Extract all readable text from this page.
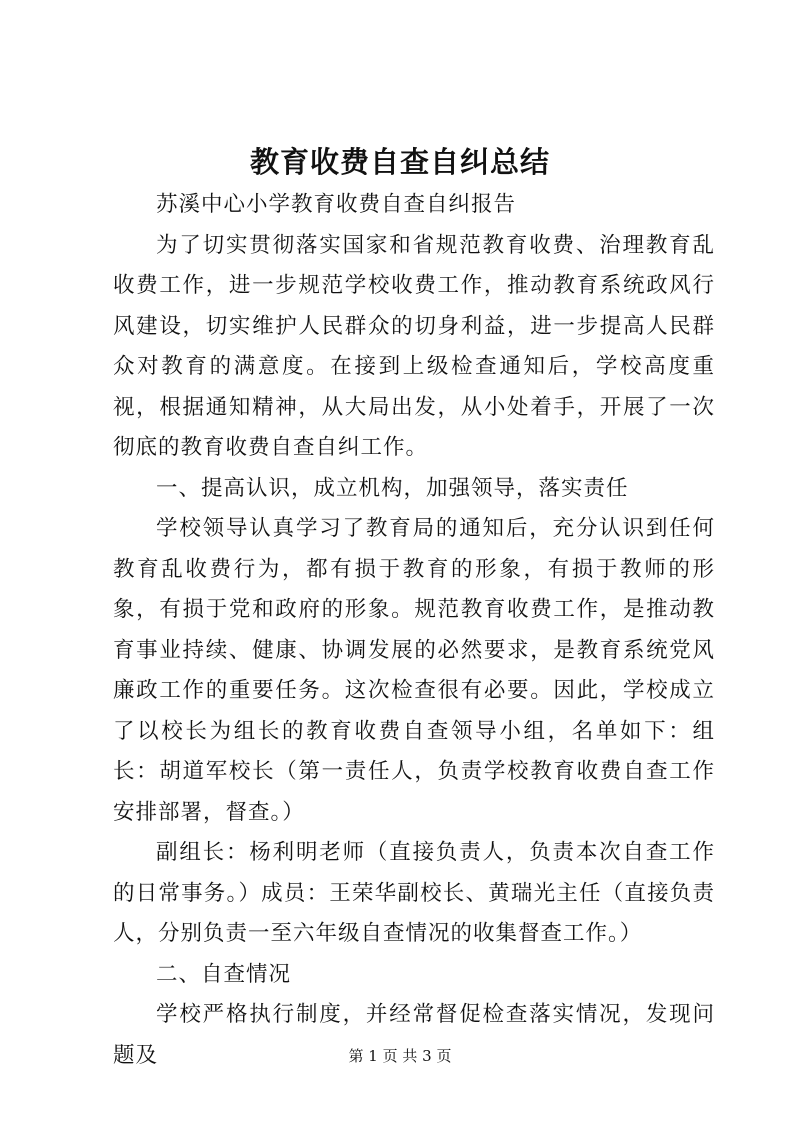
教育收费自查自纠总结

苏溪中心小学教育收费自查自纠报告

为了切实贯彻落实国家和省规范教育收费、治理教育乱收费工作，进一步规范学校收费工作，推动教育系统政风行风建设，切实维护人民群众的切身利益，进一步提高人民群众对教育的满意度。在接到上级检查通知后，学校高度重视，根据通知精神，从大局出发，从小处着手，开展了一次彻底的教育收费自查自纠工作。

一、提高认识，成立机构，加强领导，落实责任

学校领导认真学习了教育局的通知后，充分认识到任何教育乱收费行为，都有损于教育的形象，有损于教师的形象，有损于党和政府的形象。规范教育收费工作，是推动教育事业持续、健康、协调发展的必然要求，是教育系统党风廉政工作的重要任务。这次检查很有必要。因此，学校成立了以校长为组长的教育收费自查领导小组，名单如下：组长：胡道军校长（第一责任人，负责学校教育收费自查工作安排部署，督查。）

副组长：杨利明老师（直接负责人，负责本次自查工作的日常事务。）成员：王荣华副校长、黄瑞光主任（直接负责人，分别负责一至六年级自查情况的收集督查工作。）

二、自查情况

学校严格执行制度，并经常督促检查落实情况，发现问题及	第 1 页 共 3 页
